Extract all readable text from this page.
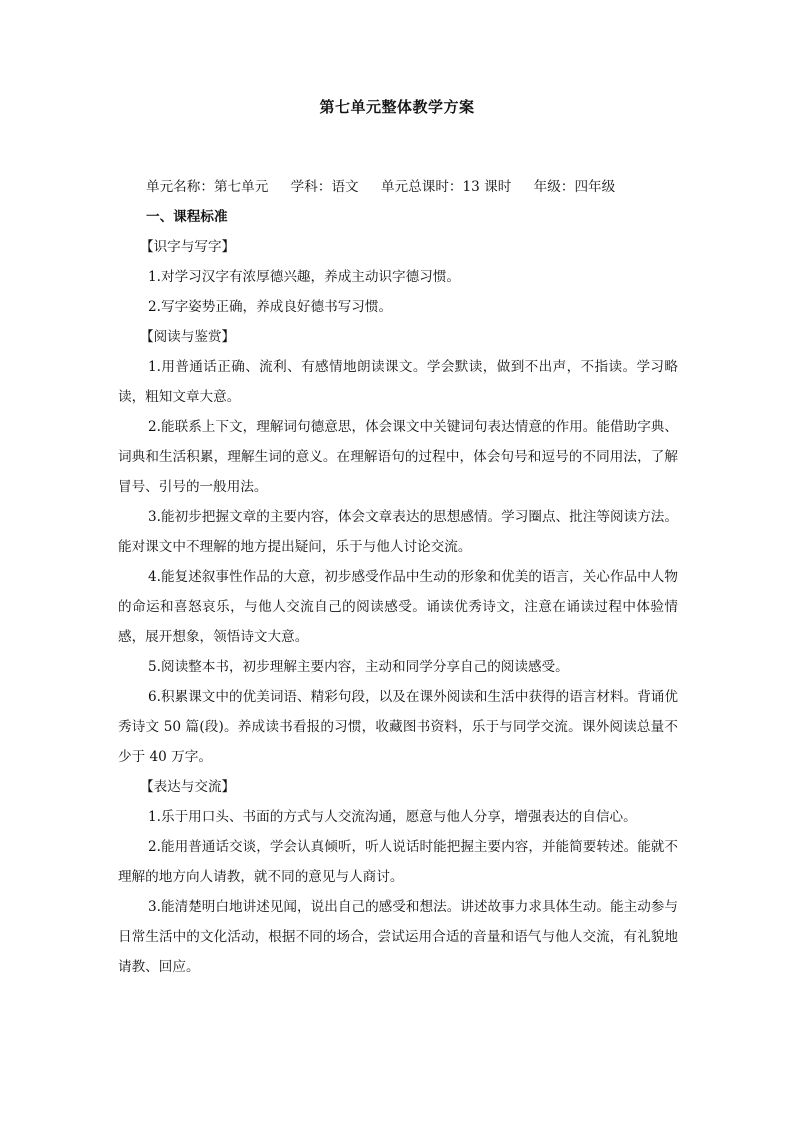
第七单元整体教学方案
单元名称：第七单元 学科：语文 单元总课时：13 课时 年级：四年级
一、课程标准
【识字与写字】

1.对学习汉字有浓厚德兴趣，养成主动识字德习惯。

2.写字姿势正确，养成良好德书写习惯。

【阅读与鉴赏】

1.用普通话正确、流利、有感情地朗读课文。学会默读，做到不出声，不指读。学习略读，粗知文章大意。

2.能联系上下文，理解词句德意思，体会课文中关键词句表达情意的作用。能借助字典、词典和生活积累，理解生词的意义。在理解语句的过程中，体会句号和逗号的不同用法，了解冒号、引号的一般用法。

3.能初步把握文章的主要内容，体会文章表达的思想感情。学习圈点、批注等阅读方法。能对课文中不理解的地方提出疑问，乐于与他人讨论交流。

4.能复述叙事性作品的大意，初步感受作品中生动的形象和优美的语言，关心作品中人物的命运和喜怒哀乐，与他人交流自己的阅读感受。诵读优秀诗文，注意在诵读过程中体验情感，展开想象，领悟诗文大意。

5.阅读整本书，初步理解主要内容，主动和同学分享自己的阅读感受。

6.积累课文中的优美词语、精彩句段，以及在课外阅读和生活中获得的语言材料。背诵优秀诗文 50 篇(段)。养成读书看报的习惯，收藏图书资料，乐于与同学交流。课外阅读总量不少于 40 万字。

【表达与交流】

1.乐于用口头、书面的方式与人交流沟通，愿意与他人分享，增强表达的自信心。

2.能用普通话交谈，学会认真倾听，听人说话时能把握主要内容，并能简要转述。能就不理解的地方向人请教，就不同的意见与人商讨。

3.能清楚明白地讲述见闻，说出自己的感受和想法。讲述故事力求具体生动。能主动参与日常生活中的文化活动，根据不同的场合，尝试运用合适的音量和语气与他人交流，有礼貌地请教、回应。
